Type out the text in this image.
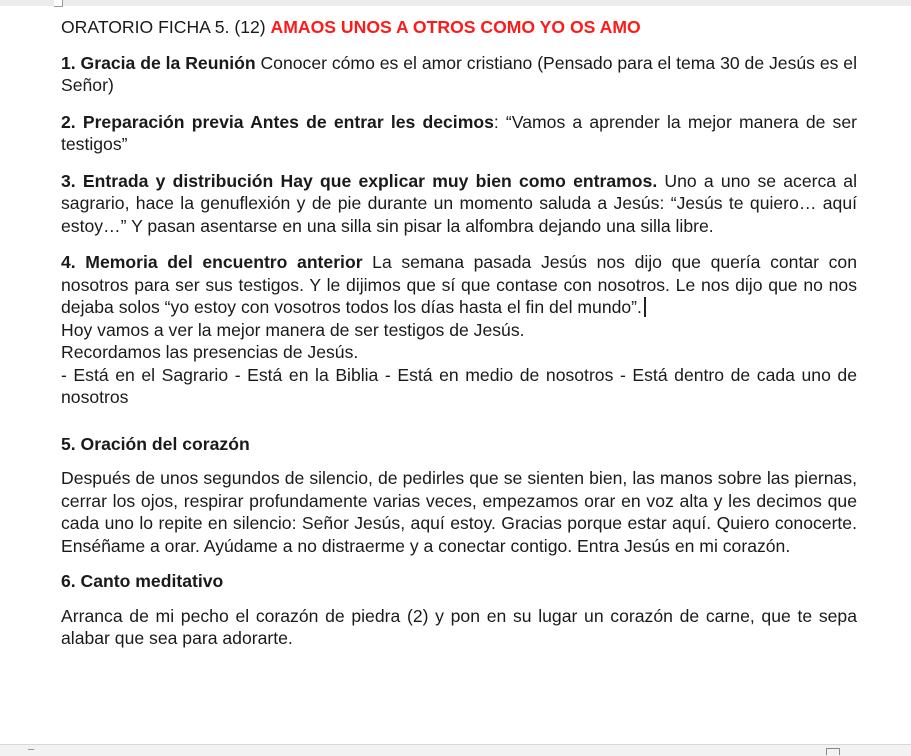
ORATORIO FICHA 5. (12) AMAOS UNOS A OTROS COMO YO OS AMO

1. Gracia de la Reunión Conocer cómo es el amor cristiano (Pensado para el tema 30 de Jesús es el Señor)

2. Preparación previa Antes de entrar les decimos: “Vamos a aprender la mejor manera de ser testigos”

3. Entrada y distribución Hay que explicar muy bien como entramos. Uno a uno se acerca al sagrario, hace la genuflexión y de pie durante un momento saluda a Jesús: “Jesús te quiero… aquí estoy…” Y pasan asentarse en una silla sin pisar la alfombra dejando una silla libre.

4. Memoria del encuentro anterior La semana pasada Jesús nos dijo que quería contar con nosotros para ser sus testigos. Y le dijimos que sí que contase con nosotros. Le nos dijo que no nos dejaba solos “yo estoy con vosotros todos los días hasta el fin del mundo”.

Hoy vamos a ver la mejor manera de ser testigos de Jesús.

Recordamos las presencias de Jesús.

- Está en el Sagrario - Está en la Biblia - Está en medio de nosotros - Está dentro de cada uno de nosotros

5. Oración del corazón

Después de unos segundos de silencio, de pedirles que se sienten bien, las manos sobre las piernas, cerrar los ojos, respirar profundamente varias veces, empezamos orar en voz alta y les decimos que cada uno lo repite en silencio: Señor Jesús, aquí estoy. Gracias porque estar aquí. Quiero conocerte. Enséñame a orar. Ayúdame a no distraerme y a conectar contigo. Entra Jesús en mi corazón.

6. Canto meditativo

Arranca de mi pecho el corazón de piedra (2) y pon en su lugar un corazón de carne, que te sepa alabar que sea para adorarte.
